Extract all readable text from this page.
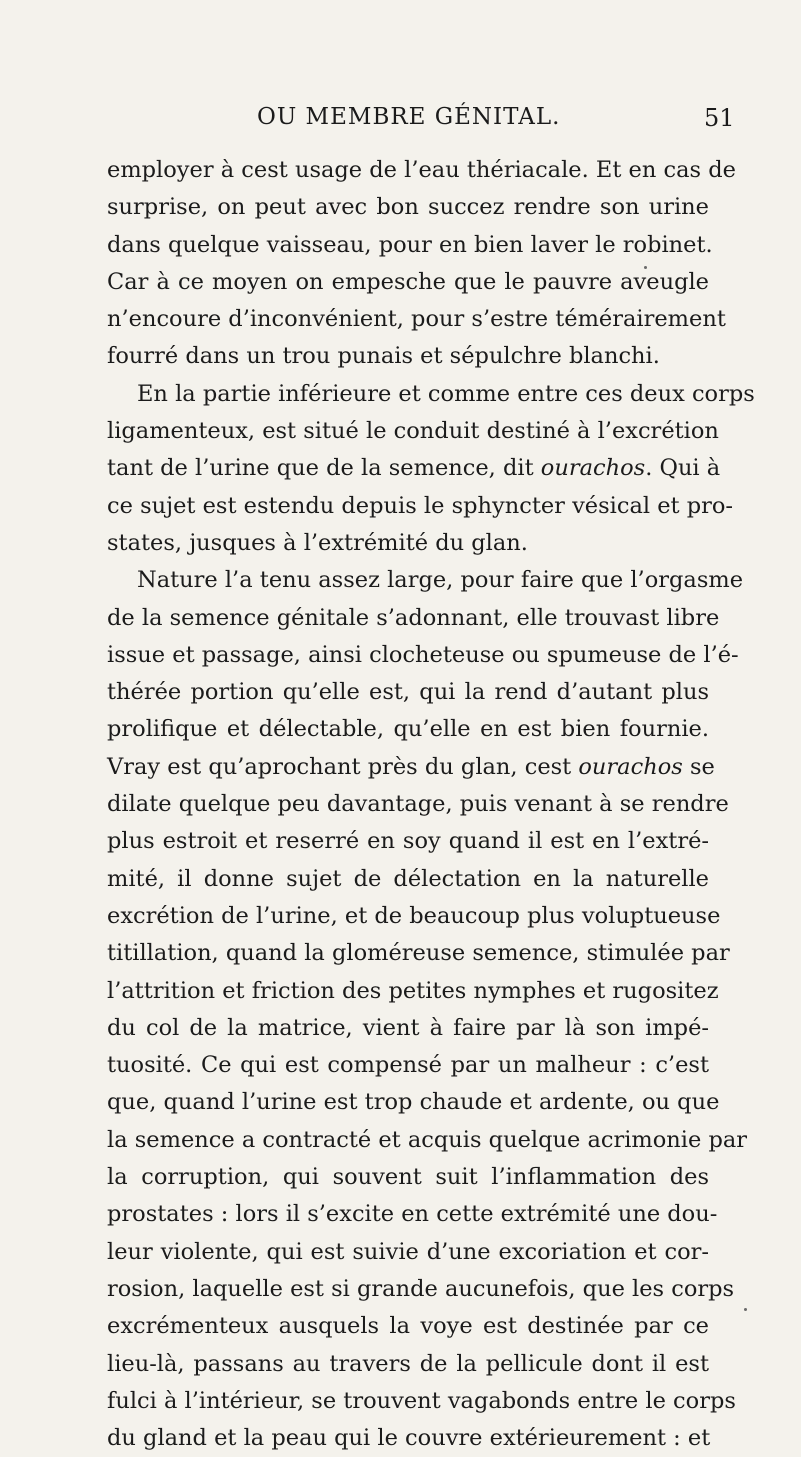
OU MEMBRE GÉNITAL.	51
employer à cest usage de l’eau thériacale. Et en cas de
surprise, on peut avec bon succez rendre son urine
dans quelque vaisseau, pour en bien laver le robinet.
Car à ce moyen on empesche que le pauvre aveugle
n’encoure d’inconvénient, pour s’estre témérairement
fourré dans un trou punais et sépulchre blanchi.
En la partie inférieure et comme entre ces deux corps
ligamenteux, est situé le conduit destiné à l’excrétion
tant de l’urine que de la semence, dit ourachos. Qui à
ce sujet est estendu depuis le sphyncter vésical et pro-
states, jusques à l’extrémité du glan.
Nature l’a tenu assez large, pour faire que l’orgasme
de la semence génitale s’adonnant, elle trouvast libre
issue et passage, ainsi clocheteuse ou spumeuse de l’é-
thérée portion qu’elle est, qui la rend d’autant plus
prolifique et délectable, qu’elle en est bien fournie.
Vray est qu’aprochant près du glan, cest ourachos se
dilate quelque peu davantage, puis venant à se rendre
plus estroit et reserré en soy quand il est en l’extré-
mité, il donne sujet de délectation en la naturelle
excrétion de l’urine, et de beaucoup plus voluptueuse
titillation, quand la gloméreuse semence, stimulée par
l’attrition et friction des petites nymphes et rugositez
du col de la matrice, vient à faire par là son impé-
tuosité. Ce qui est compensé par un malheur : c’est
que, quand l’urine est trop chaude et ardente, ou que
la semence a contracté et acquis quelque acrimonie par
la corruption, qui souvent suit l’inflammation des
prostates : lors il s’excite en cette extrémité une dou-
leur violente, qui est suivie d’une excoriation et cor-
rosion, laquelle est si grande aucunefois, que les corps
excrémenteux ausquels la voye est destinée par ce
lieu-là, passans au travers de la pellicule dont il est
fulci à l’intérieur, se trouvent vagabonds entre le corps
du gland et la peau qui le couvre extérieurement : et
